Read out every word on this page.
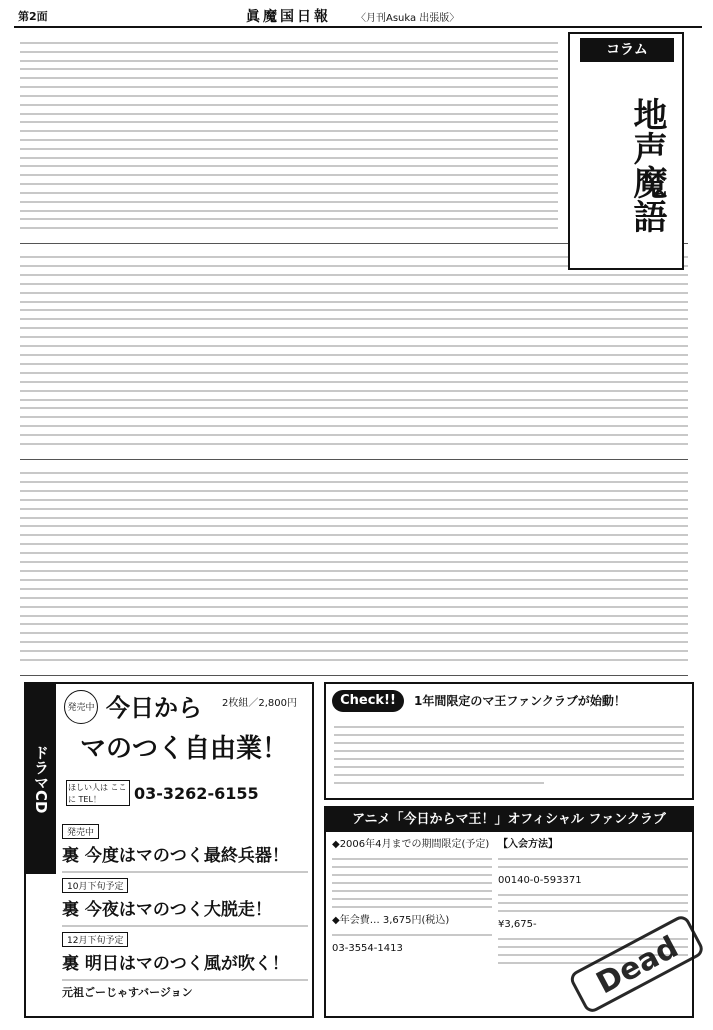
第2面	眞魔国日報	〈月刊Asuka 出張版〉
コラム
地声魔語
ドラマCD
発売中 今日から
マのつく自由業！
2枚組／2,800円
ほしい人は ここに TEL！	03-3262-6155
発売中
裏 今度はマのつく最終兵器！
10月下旬予定
裏 今夜はマのつく大脱走！
12月下旬予定
裏 明日はマのつく風が吹く！
元祖ごーじゃすバージョン
Check!!	1年間限定のマ王ファンクラブが始動！
アニメ「今日からマ王！」オフィシャル ファンクラブ
◆2006年4月までの期間限定(予定)
◆年会費… 3,675円(税込)
03-3554-1413
【入会方法】
00140-0-593371
¥3,675-
Dead
